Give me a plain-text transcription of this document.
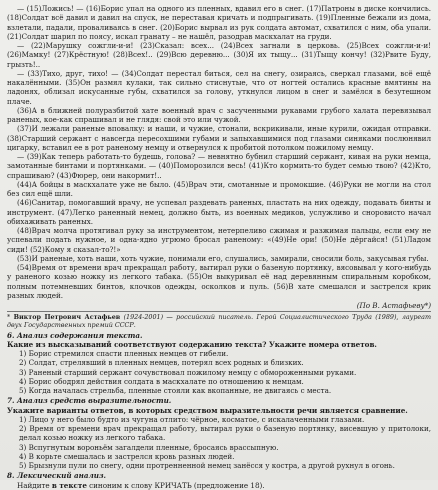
— (15)Ложись! — (16)Борис упал на одного из пленных, вдавил его в снег. (17)Патроны в диске кончились. (18)Солдат всё давил и давил на спуск, не переставая кричать и подпрыгивать. (19)Пленные бежали из дома, взлетали, падали, проваливаясь в снег. (20)Борис вырвал из рук солдата автомат, схватился с ним, оба упали. (21)Солдат шарил по поясу, искал гранату – не нашёл, разодрав маскхалат на груди.

— (22)Марушку сожгли-и-и! (23)Сказал: всех... (24)Всех загнали в церковь. (25)Всех сожгли-и-и! (26)Мамку! (27)Крёстную! (28)Всех!.. (29)Всю деревню... (30)Я их тыщу... (31)Тыщу кончу! (32)Рвите Буду, грызть!..

— (33)Тихо, друг, тихо! — (34)Солдат перестал биться, сел на снегу, озираясь, сверкал глазами, всё ещё накалёнными. (35)Он размял кулаки, так сильно стиснутые, что от ногтей остались красные вмятины на ладонях, облизал искусанные губы, схватился за голову, уткнулся лицом в снег и замёлся в безутешном плаче.

(36)А в ближней полуразбитой хате военный врач с засученными рукавами грубого халата перевязывал раненых, кое-как спрашивал и не глядя: свой это или чужой.

(37)И лежали раненые вповалку: и наши, и чужие, стонали, вскрикивали, иные курили, ожидая отправки. (38)Старший сержант с навсегда пересохшими губами и запыхавшимися под глазами синяками послюнявил цигарку, вставил ее в рот раненому немцу и отвернулся к пробитой потолком пожилому немцу.

— (39)Как теперь работать-то будешь, голова? — невнятно бубнил старший сержант, кивая на руки немца, замотанные бинтами и портянками. — (40)Поморозился весь! (41)Кто кормить-то будет семью твою? (42)Кто, спрашиваю? (43)Фюрер, они накормит!..

(44)А бойцы в маскхалате уже не было. (45)Врач эти, смотанные и промокшие. (46)Руки не могли на стол без сил ещё шли.

(46)Санитар, помогавший врачу, не успевал раздевать раненых, пластать на них одежду, подавать бинты и инструмент. (47)Легко раненный немец, должно быть, из военных медиков, услужливо и сноровисто начал обихаживать раненых.

(48)Врач молча протягивал руку за инструментом, нетерпеливо сжимая и разжимая пальцы, если ему не успевали подать нужное, и одна-ядно угрюмо бросал раненому: «(49)Не ори! (50)Не дёргайся! (51)Ладом сиди! (52)Кому я сказал-то?!»

(53)И раненые, хоть наши, хоть чужие, понимали его, слушались, замирали, сносили боль, закусывая губы.

(54)Время от времени врач прекращал работу, вытирал руки о базеную портянку, вясовывал у кого-нибудь у раненого козью ножку из легкого табака. (55)Он выкуривал её над деревянным спиральным коробком, полным потемневших бинтов, клочков одежды, осколков и пуль. (56)В хате смешался и застрелся крик разных людей.

(По В. Астафьеву*)

* Виктор Петрович Астафьев (1924-2001) — российский писатель. Герой Социалистического Труда (1989), лауреат двух Государственных премий СССР.

6. Анализ содержания текста.

Какие из высказываний соответствуют содержанию текста? Укажите номера ответов.

1) Борис стремился спасти пленных немцев от гибели.

2) Солдат, стрелявший в пленных немцев, потерял всех родных и близких.

3) Раненый старший сержант сочувствовал пожилому немцу с обмороженными руками.

4) Борис ободрял действия солдата в маскхалате по отношению к немцам.

5) Когда началась стрельба, пленные стояли как вкопанные, не двигаясь с места.

7. Анализ средств выразительности.

Укажите варианты ответов, в которых средством выразительности речи является сравнение.

1) Лицо у него было будто из чугуна отлито: чёрное, косматое, с искалаченными глазами.

2) Время от времени врач прекращал работу, вытирал руки о базеную портянку, висевшую у притолоки, делал козью ножку из легкого табака.

3) Вспугнутым вороньём загалдели пленные, бросаясь врассыпную.

4) В корьте смешалась и застрелся кровь разных людей.

5) Брызнули пули по снегу, одни протренненной немец занёсся у костра, а другой рухнул в огонь.

8. Лексический анализ.

Найдите в тексте синоним к слову КРИЧАТЬ (предложение 18).
